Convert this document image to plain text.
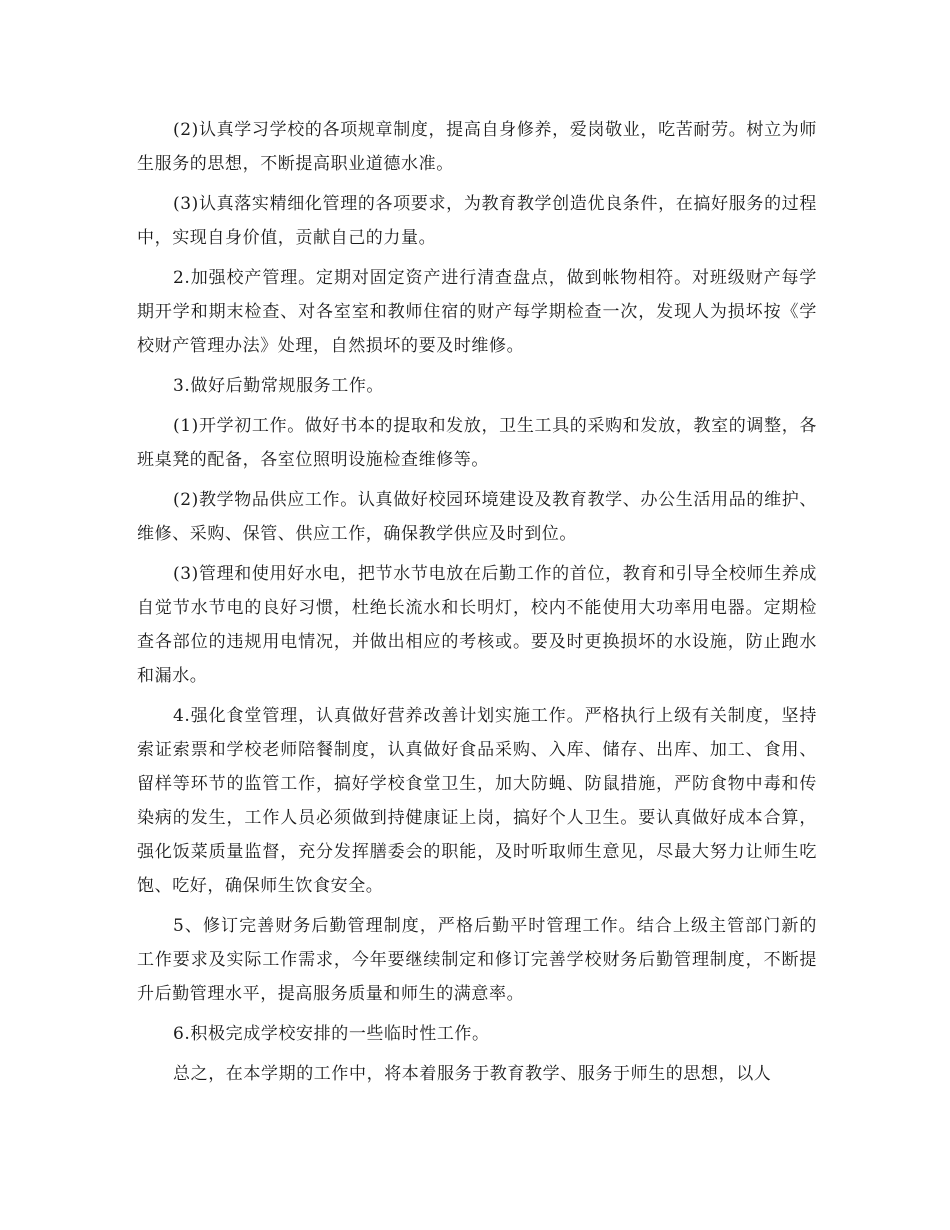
(2)认真学习学校的各项规章制度，提高自身修养，爱岗敬业，吃苦耐劳。树立为师生服务的思想，不断提高职业道德水准。

(3)认真落实精细化管理的各项要求，为教育教学创造优良条件，在搞好服务的过程中，实现自身价值，贡献自己的力量。

2.加强校产管理。定期对固定资产进行清查盘点，做到帐物相符。对班级财产每学期开学和期末检查、对各室室和教师住宿的财产每学期检查一次，发现人为损坏按《学校财产管理办法》处理，自然损坏的要及时维修。

3.做好后勤常规服务工作。

(1)开学初工作。做好书本的提取和发放，卫生工具的采购和发放，教室的调整，各班桌凳的配备，各室位照明设施检查维修等。

(2)教学物品供应工作。认真做好校园环境建设及教育教学、办公生活用品的维护、维修、采购、保管、供应工作，确保教学供应及时到位。

(3)管理和使用好水电，把节水节电放在后勤工作的首位，教育和引导全校师生养成自觉节水节电的良好习惯，杜绝长流水和长明灯，校内不能使用大功率用电器。定期检查各部位的违规用电情况，并做出相应的考核或。要及时更换损坏的水设施，防止跑水和漏水。

4.强化食堂管理，认真做好营养改善计划实施工作。严格执行上级有关制度，坚持索证索票和学校老师陪餐制度，认真做好食品采购、入库、储存、出库、加工、食用、留样等环节的监管工作，搞好学校食堂卫生，加大防蝇、防鼠措施，严防食物中毒和传染病的发生，工作人员必须做到持健康证上岗，搞好个人卫生。要认真做好成本合算，强化饭菜质量监督，充分发挥膳委会的职能，及时听取师生意见，尽最大努力让师生吃饱、吃好，确保师生饮食安全。

5、修订完善财务后勤管理制度，严格后勤平时管理工作。结合上级主管部门新的工作要求及实际工作需求，今年要继续制定和修订完善学校财务后勤管理制度，不断提升后勤管理水平，提高服务质量和师生的满意率。

6.积极完成学校安排的一些临时性工作。

总之，在本学期的工作中，将本着服务于教育教学、服务于师生的思想，以人
